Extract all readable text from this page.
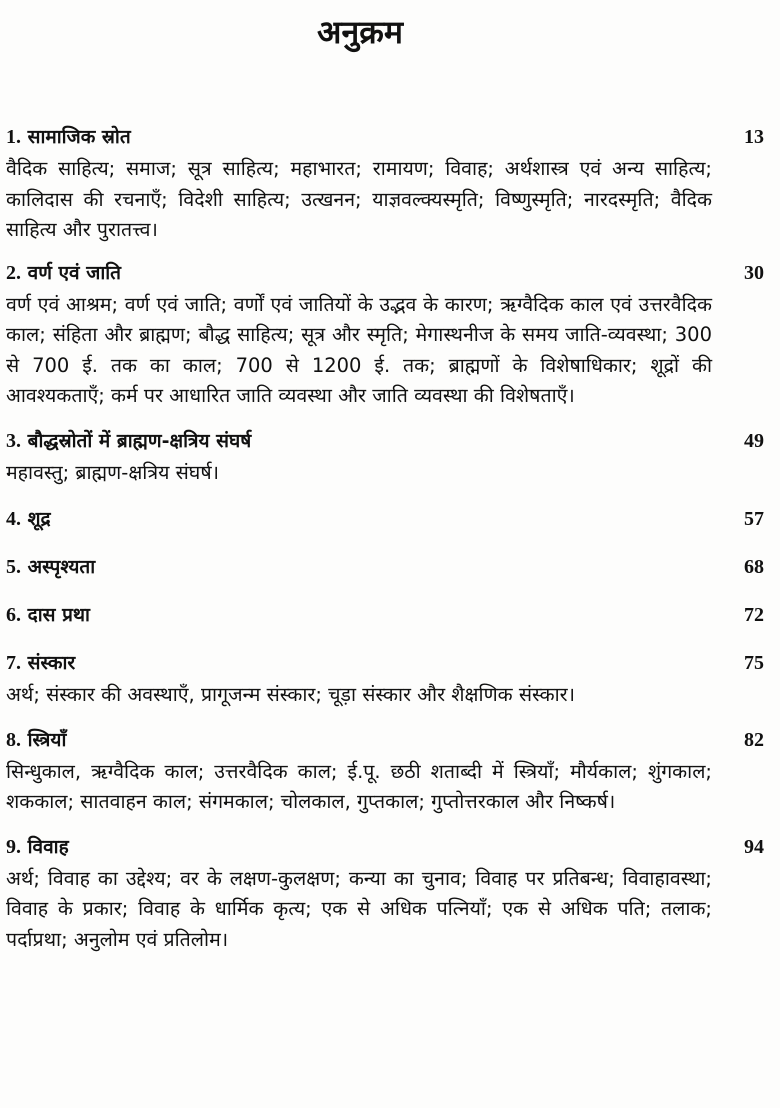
अनुक्रम
1. सामाजिक स्रोत	13
वैदिक साहित्य; समाज; सूत्र साहित्य; महाभारत; रामायण; विवाह; अर्थशास्त्र एवं अन्य साहित्य; कालिदास की रचनाएँ; विदेशी साहित्य; उत्खनन; याज्ञवल्क्यस्मृति; विष्णुस्मृति; नारदस्मृति; वैदिक साहित्य और पुरातत्त्व।
2. वर्ण एवं जाति	30
वर्ण एवं आश्रम; वर्ण एवं जाति; वर्णों एवं जातियों के उद्भव के कारण; ऋग्वैदिक काल एवं उत्तरवैदिक काल; संहिता और ब्राह्मण; बौद्ध साहित्य; सूत्र और स्मृति; मेगास्थनीज के समय जाति-व्यवस्था; 300 से 700 ई. तक का काल; 700 से 1200 ई. तक; ब्राह्मणों के विशेषाधिकार; शूद्रों की आवश्यकताएँ; कर्म पर आधारित जाति व्यवस्था और जाति व्यवस्था की विशेषताएँ।
3. बौद्धस्रोतों में ब्राह्मण-क्षत्रिय संघर्ष	49
महावस्तु; ब्राह्मण-क्षत्रिय संघर्ष।
4. शूद्र	57
5. अस्पृश्यता	68
6. दास प्रथा	72
7. संस्कार	75
अर्थ; संस्कार की अवस्थाएँ, प्रागूजन्म संस्कार; चूड़ा संस्कार और शैक्षणिक संस्कार।
8. स्त्रियाँ	82
सिन्धुकाल, ऋग्वैदिक काल; उत्तरवैदिक काल; ई.पू. छठी शताब्दी में स्त्रियाँ; मौर्यकाल; शुंगकाल; शककाल; सातवाहन काल; संगमकाल; चोलकाल, गुप्तकाल; गुप्तोत्तरकाल और निष्कर्ष।
9. विवाह	94
अर्थ; विवाह का उद्देश्य; वर के लक्षण-कुलक्षण; कन्या का चुनाव; विवाह पर प्रतिबन्ध; विवाहावस्था; विवाह के प्रकार; विवाह के धार्मिक कृत्य; एक से अधिक पत्नियाँ; एक से अधिक पति; तलाक; पर्दाप्रथा; अनुलोम एवं प्रतिलोम।
